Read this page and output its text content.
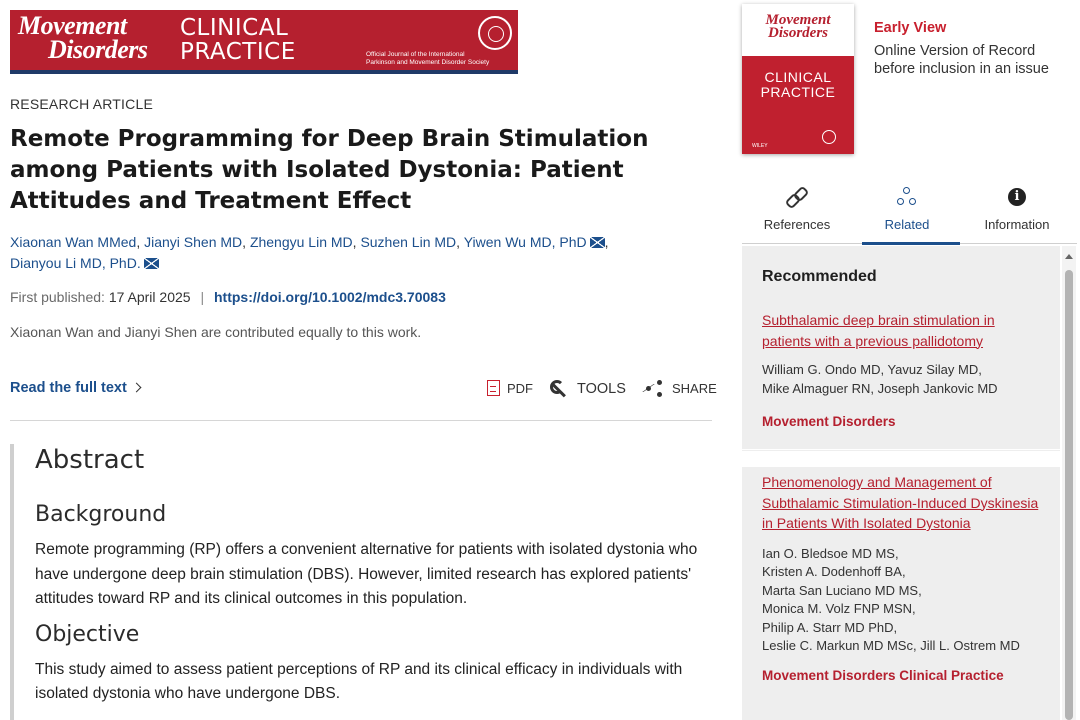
Movement
Disorders
CLINICAL
PRACTICE	Official Journal of the International
Parkinson and Movement Disorder Society
RESEARCH ARTICLE
Remote Programming for Deep Brain Stimulation among Patients with Isolated Dystonia: Patient Attitudes and Treatment Effect
Xiaonan Wan MMed, Jianyi Shen MD, Zhengyu Lin MD, Suzhen Lin MD, Yiwen Wu MD, PhD ,
Dianyou Li MD, PhD.
First published: 17 April 2025 | https://doi.org/10.1002/mdc3.70083
Xiaonan Wan and Jianyi Shen are contributed equally to this work.
Read the full text	PDF	TOOLS	SHARE
Abstract
Background

Remote programming (RP) offers a convenient alternative for patients with isolated dystonia who have undergone deep brain stimulation (DBS). However, limited research has explored patients' attitudes toward RP and its clinical outcomes in this population.

Objective

This study aimed to assess patient perceptions of RP and its clinical efficacy in individuals with isolated dystonia who have undergone DBS.

Movement
Disorders
CLINICAL
PRACTICE
WILEY
Early View
Online Version of Record
before inclusion in an issue
References	Related
i
Information
Recommended
Subthalamic deep brain stimulation in patients with a previous pallidotomy
William G. Ondo MD, Yavuz Silay MD,
Mike Almaguer RN, Joseph Jankovic MD
Movement Disorders
Phenomenology and Management of Subthalamic Stimulation-Induced Dyskinesia in Patients With Isolated Dystonia
Ian O. Bledsoe MD MS,
Kristen A. Dodenhoff BA,
Marta San Luciano MD MS,
Monica M. Volz FNP MSN,
Philip A. Starr MD PhD,
Leslie C. Markun MD MSc, Jill L. Ostrem MD
Movement Disorders Clinical Practice
